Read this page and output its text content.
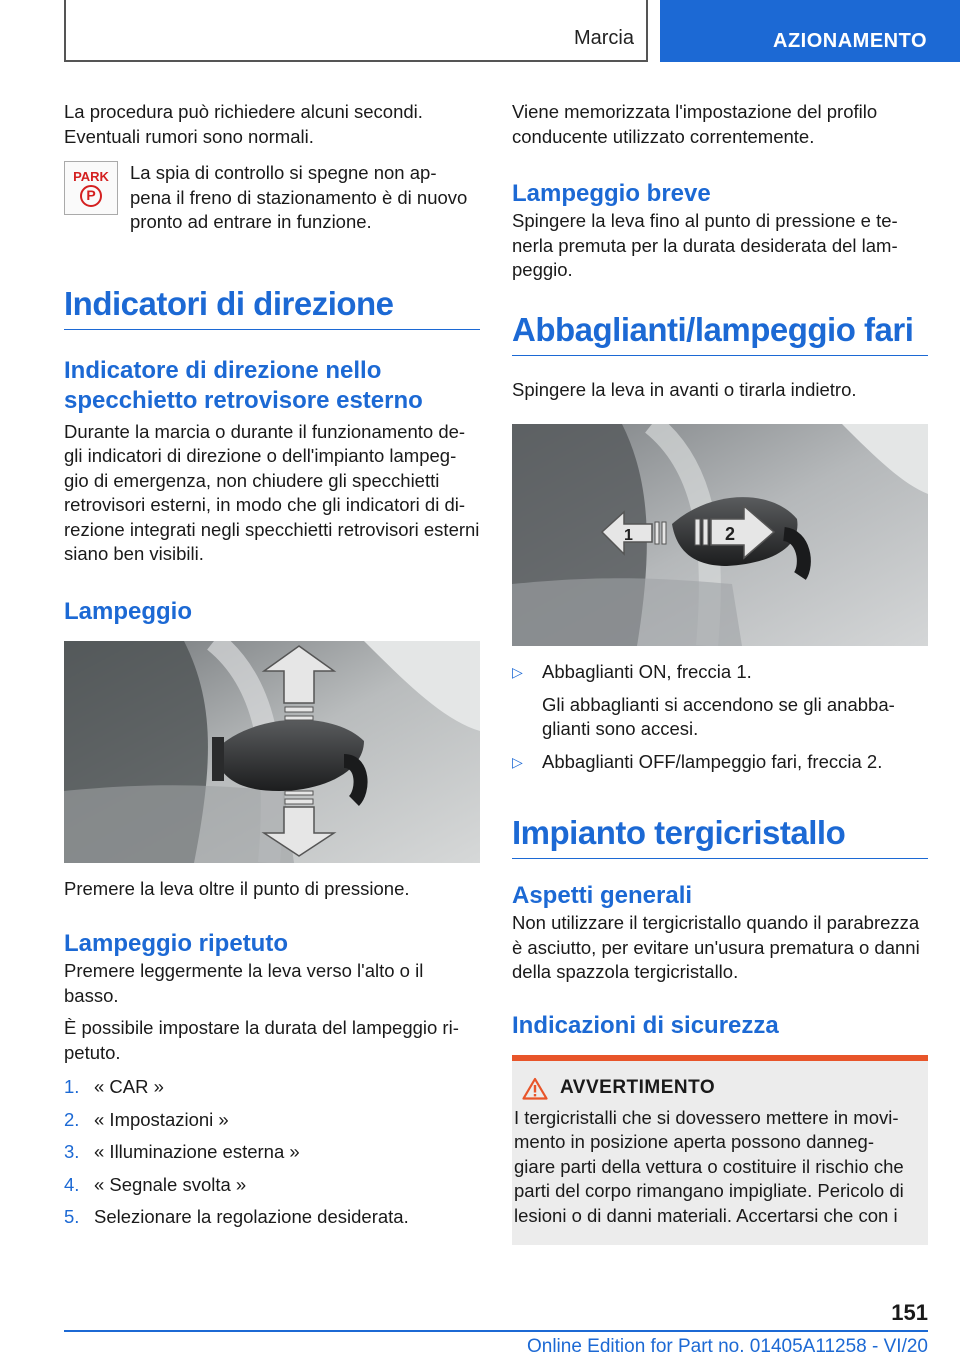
Marcia	AZIONAMENTO

La procedura può richiedere alcuni secondi. Eventuali rumori sono normali.

PARK
P

La spia di controllo si spegne non ap- pena il freno di stazionamento è di nuovo pronto ad entrare in funzione.

Indicatori di direzione
Indicatore di direzione nello specchietto retrovisore esterno

Durante la marcia o durante il funzionamento de- gli indicatori di direzione o dell'impianto lampeg- gio di emergenza, non chiudere gli specchietti retrovisori esterni, in modo che gli indicatori di di- rezione integrati negli specchietti retrovisori esterni siano ben visibili.

Lampeggio

Premere la leva oltre il punto di pressione.

Lampeggio ripetuto

Premere leggermente la leva verso l'alto o il basso.

È possibile impostare la durata del lampeggio ri- petuto.

1. « CAR »
2. « Impostazioni »
3. « Illuminazione esterna »
4. « Segnale svolta »
5. Selezionare la regolazione desiderata.

Viene memorizzata l'impostazione del profilo conducente utilizzato correntemente.

Lampeggio breve

Spingere la leva fino al punto di pressione e te- nerla premuta per la durata desiderata del lam- peggio.

Abbaglianti/lampeggio fari

Spingere la leva in avanti o tirarla indietro.

1	2
▷	Abbaglianti ON, freccia 1.
Gli abbaglianti si accendono se gli anabba- glianti sono accesi.
▷	Abbaglianti OFF/lampeggio fari, freccia 2.
Impianto tergicristallo
Aspetti generali

Non utilizzare il tergicristallo quando il parabrezza è asciutto, per evitare un'usura prematura o danni della spazzola tergicristallo.

Indicazioni di sicurezza
AVVERTIMENTO

I tergicristalli che si dovessero mettere in movi- mento in posizione aperta possono danneg- giare parti della vettura o costituire il rischio che parti del corpo rimangano impigliate. Pericolo di lesioni o di danni materiali. Accertarsi che con i

151
Online Edition for Part no. 01405A11258 - VI/20
